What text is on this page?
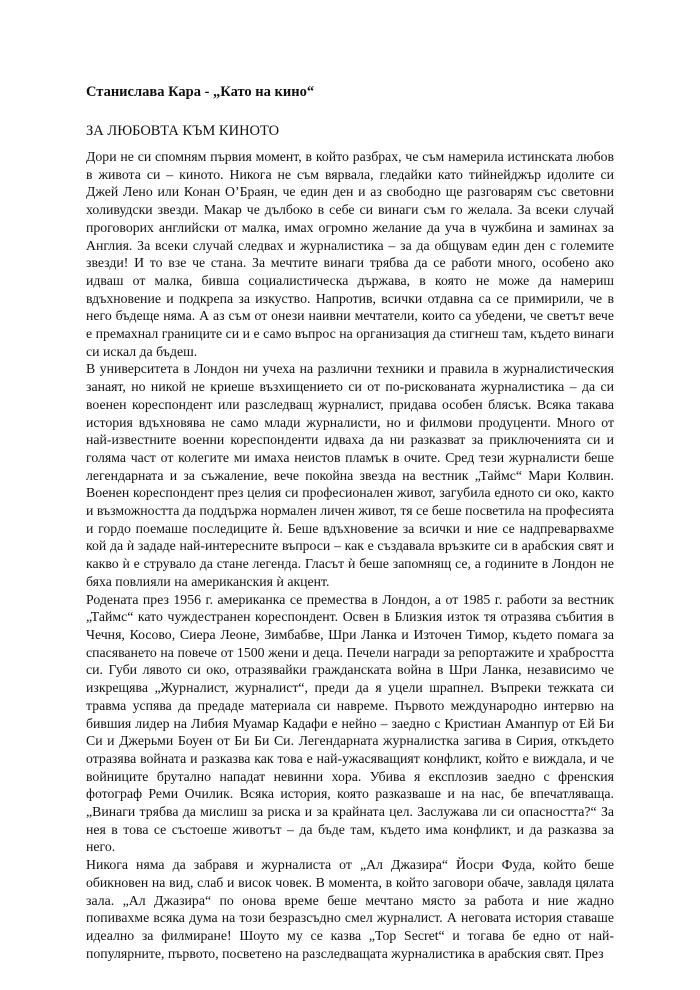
Станислава Кара - „Като на кино“
ЗА ЛЮБОВТА КЪМ КИНОТО

Дори не си спомням първия момент, в който разбрах, че съм намерила истинската любов в живота си – киното. Никога не съм вярвала, гледайки като тийнейджър идолите си Джей Лено или Конан О’Браян, че един ден и аз свободно ще разговарям със световни холивудски звезди. Макар че дълбоко в себе си винаги съм го желала. За всеки случай проговорих английски от малка, имах огромно желание да уча в чужбина и заминах за Англия. За всеки случай следвах и журналистика – за да общувам един ден с големите звезди! И то взе че стана. За мечтите винаги трябва да се работи много, особено ако идваш от малка, бивша социалистическа държава, в която не може да намериш вдъхновение и подкрепа за изкуство. Напротив, всички отдавна са се примирили, че в него бъдеще няма. А аз съм от онези наивни мечтатели, които са убедени, че светът вече е премахнал границите си и е само въпрос на организация да стигнеш там, където винаги си искал да бъдеш.

В университета в Лондон ни учеха на различни техники и правила в журналистическия занаят, но никой не криеше възхищението си от по-рискованата журналистика – да си военен кореспондент или разследващ журналист, придава особен блясък. Всяка такава история вдъхновява не само млади журналисти, но и филмови продуценти. Много от най-известните военни кореспонденти идваха да ни разказват за приключенията си и голяма част от колегите ми имаха неистов пламък в очите. Сред тези журналисти беше легендарната и за съжаление, вече покойна звезда на вестник „Таймс“ Мари Колвин. Военен кореспондент през целия си професионален живот, загубила едното си око, както и възможността да поддържа нормален личен живот, тя се беше посветила на професията и гордо поемаше последиците ѝ. Беше вдъхновение за всички и ние се надпреварвахме кой да ѝ зададе най-интересните въпроси – как е създавала връзките си в арабския свят и какво ѝ е струвало да стане легенда. Гласът ѝ беше запомнящ се, а годините в Лондон не бяха повлияли на американския ѝ акцент.

Родената през 1956 г. американка се премества в Лондон, а от 1985 г. работи за вестник „Таймс“ като чуждестранен кореспондент. Освен в Близкия изток тя отразява събития в Чечня, Косово, Сиера Леоне, Зимбабве, Шри Ланка и Източен Тимор, където помага за спасяването на повече от 1500 жени и деца. Печели награди за репортажите и храбростта си. Губи лявото си око, отразявайки гражданската война в Шри Ланка, независимо че изкрещява „Журналист, журналист“, преди да я уцели шрапнел. Въпреки тежката си травма успява да предаде материала си навреме. Първото международно интервю на бившия лидер на Либия Муамар Кадафи е нейно – заедно с Кристиан Аманпур от Ей Би Си и Джерьми Боуен от Би Би Си. Легендарната журналистка загива в Сирия, откъдето отразява войната и разказва как това е най-ужасяващият конфликт, който е виждала, и че войниците брутално нападат невинни хора. Убива я експлозив заедно с френския фотограф Реми Очилик. Всяка история, която разказваше и на нас, бе впечатляваща. „Винаги трябва да мислиш за риска и за крайната цел. Заслужава ли си опасността?“ За нея в това се състоеше животът – да бъде там, където има конфликт, и да разказва за него.

Никога няма да забравя и журналиста от „Ал Джазира“ Йосри Фуда, който беше обикновен на вид, слаб и висок човек. В момента, в който заговори обаче, завладя цялата зала. „Ал Джазира“ по онова време беше мечтано място за работа и ние жадно попивахме всяка дума на този безразсъдно смел журналист. А неговата история ставаше идеално за филмиране! Шоуто му се казва „Top Secret“ и тогава бе едно от най-популярните, първото, посветено на разследващата журналистика в арабския свят. През
